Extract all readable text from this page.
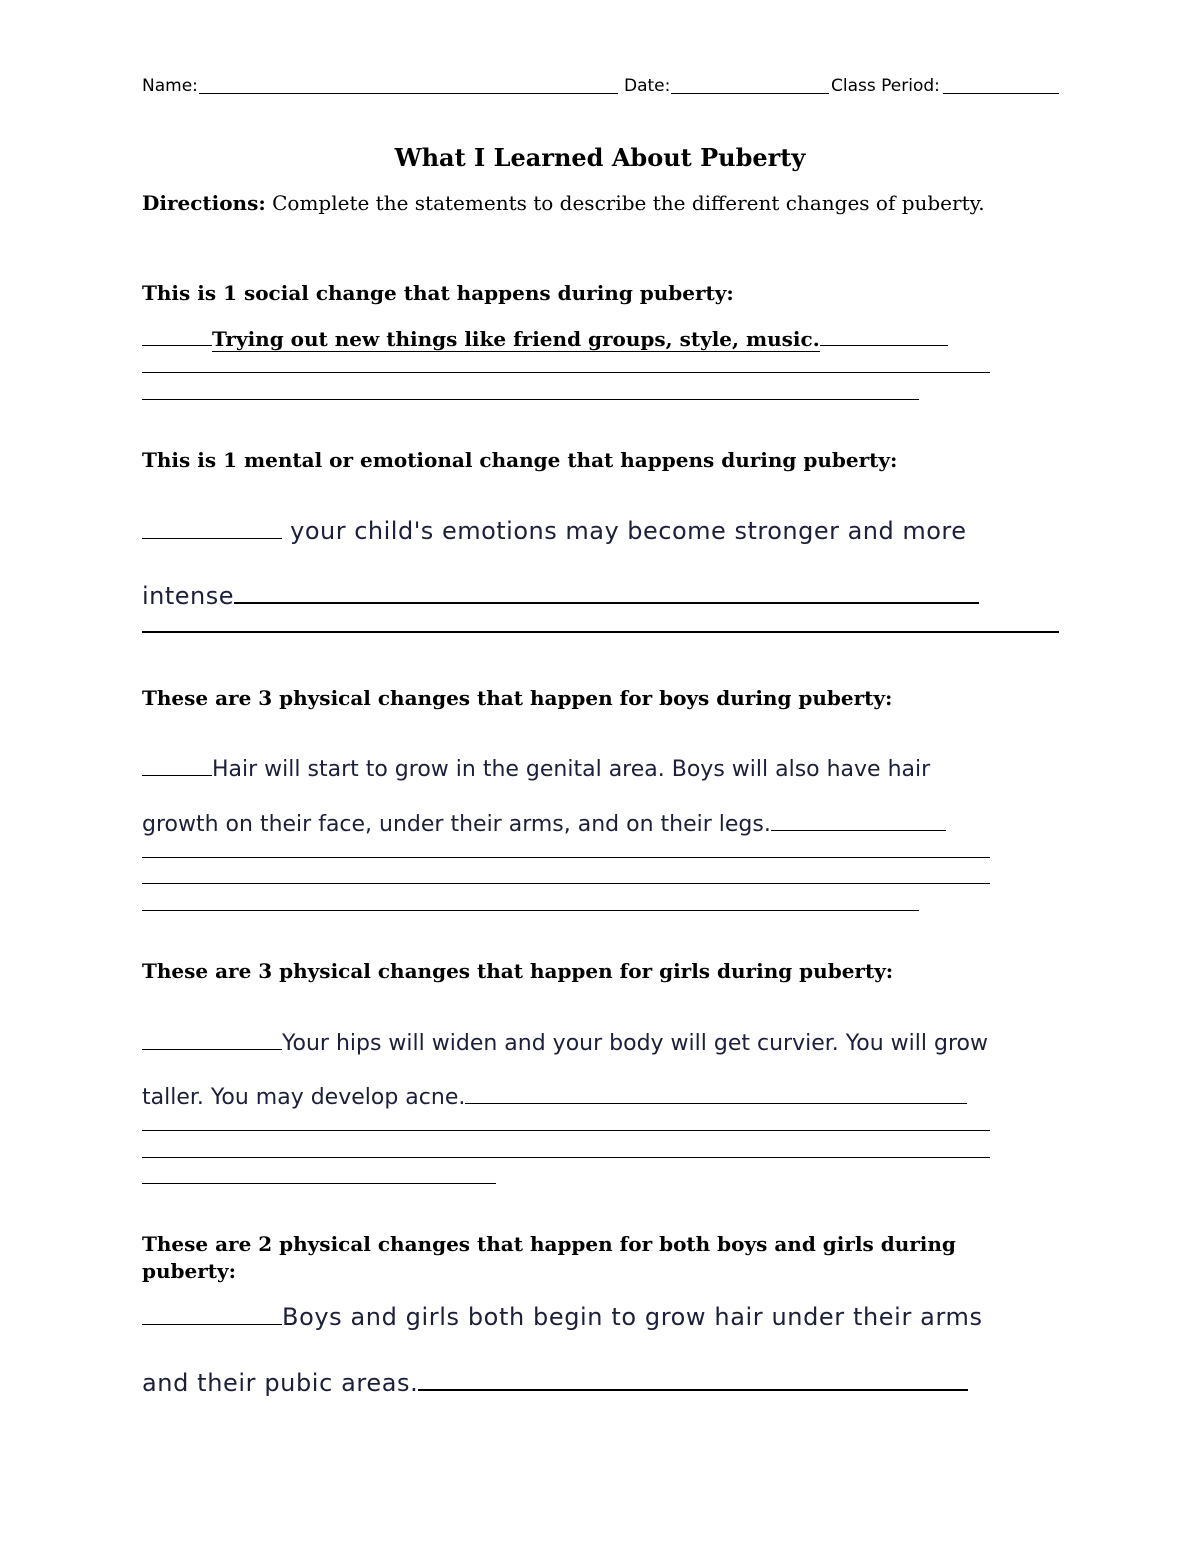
Name:	Date:	Class Period:
What I Learned About Puberty
Directions: Complete the statements to describe the different changes of puberty.
This is 1 social change that happens during puberty:
Trying out new things like friend groups, style, music.
This is 1 mental or emotional change that happens during puberty:
your child's emotions may become stronger and more
intense
These are 3 physical changes that happen for boys during puberty:
Hair will start to grow in the genital area. Boys will also have hair
growth on their face, under their arms, and on their legs.
These are 3 physical changes that happen for girls during puberty:
Your hips will widen and your body will get curvier. You will grow
taller. You may develop acne.
These are 2 physical changes that happen for both boys and girls during
puberty:
Boys and girls both begin to grow hair under their arms
and their pubic areas.
